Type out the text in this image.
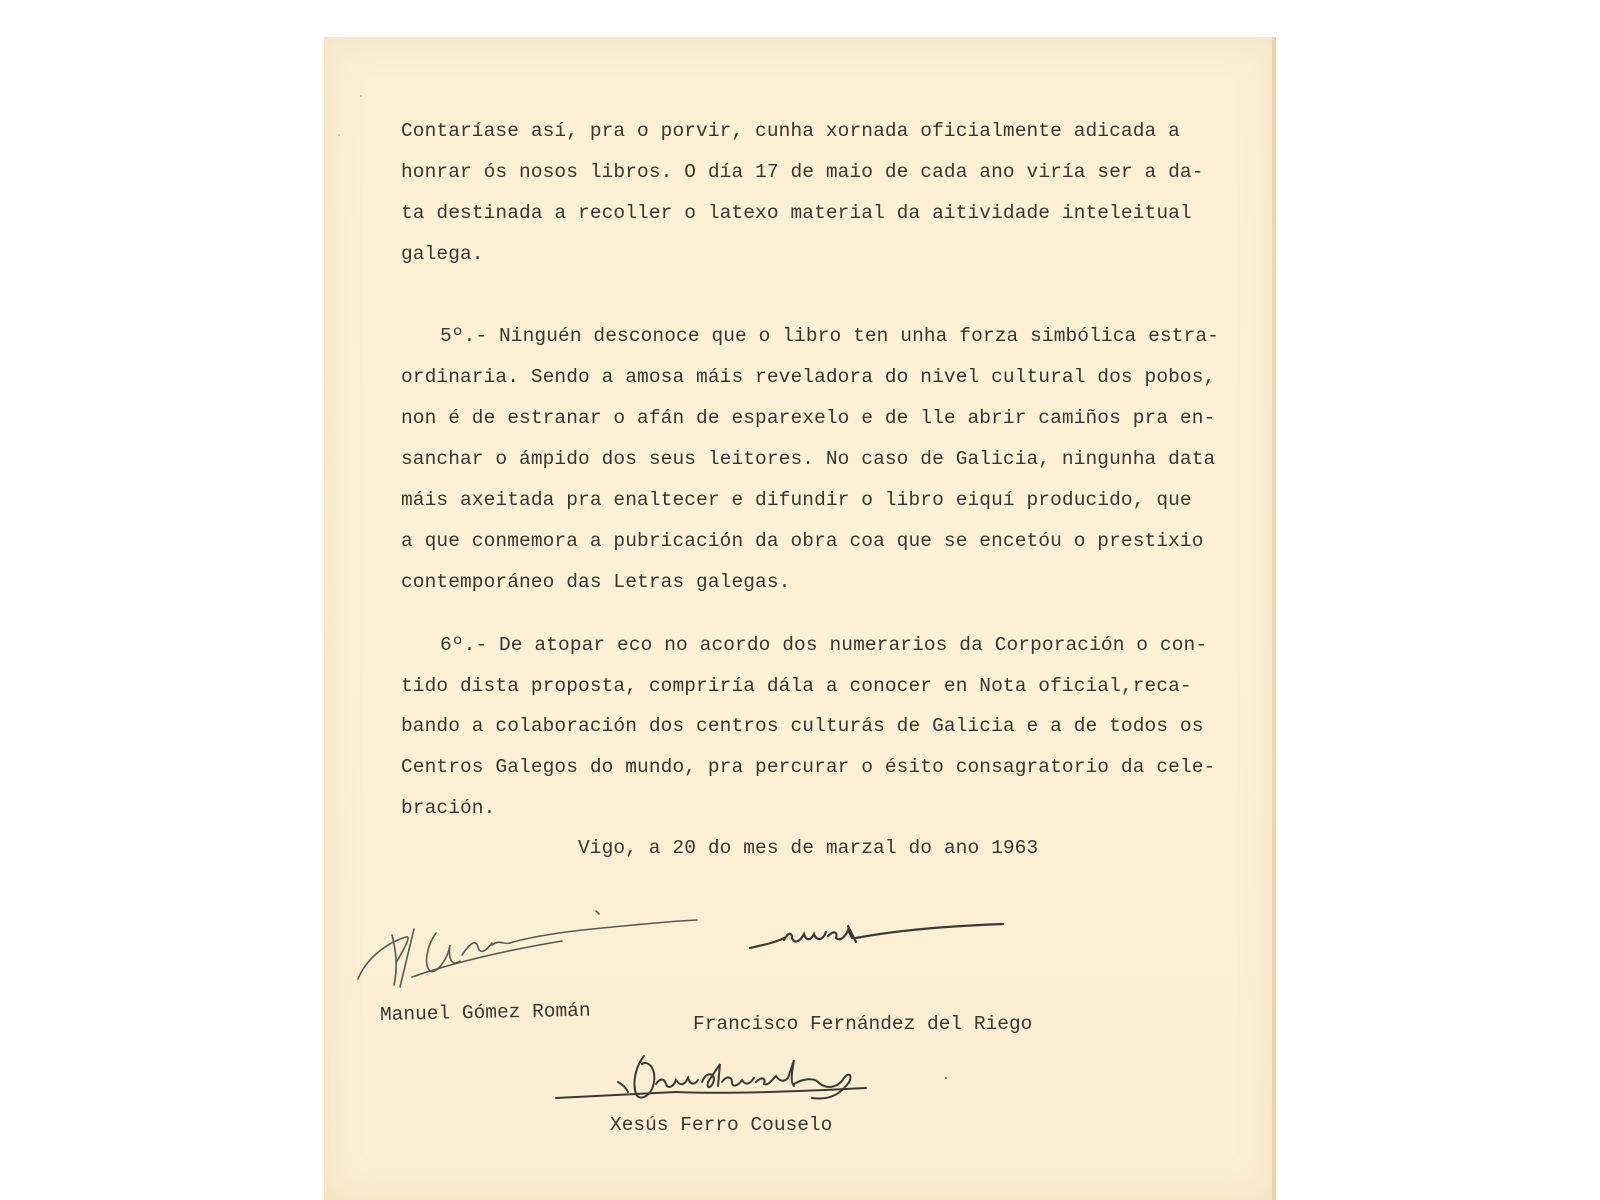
Contaríase así, pra o porvir, cunha xornada oficialmente adicada a
honrar ós nosos libros. O día 17 de maio de cada ano viría ser a da-
ta destinada a recoller o latexo material da aitividade inteleitual
galega.
5º.- Ninguén desconoce que o libro ten unha forza simbólica estra-
ordinaria. Sendo a amosa máis reveladora do nivel cultural dos pobos,
non é de estranar o afán de esparexelo e de lle abrir camiños pra en-
sanchar o ámpido dos seus leitores. No caso de Galicia, ningunha data
máis axeitada pra enaltecer e difundir o libro eiquí producido, que
a que conmemora a pubricación da obra coa que se encetóu o prestixio
contemporáneo das Letras galegas.
6º.- De atopar eco no acordo dos numerarios da Corporación o con-
tido dista proposta, compriría dála a conocer en Nota oficial,reca-
bando a colaboración dos centros culturás de Galicia e a de todos os
Centros Galegos do mundo, pra percurar o ésito consagratorio da cele-
bración.
Vigo, a 20 do mes de marzal do ano 1963
Manuel Gómez Román	Francisco Fernández del Riego
Xesús Ferro Couselo
